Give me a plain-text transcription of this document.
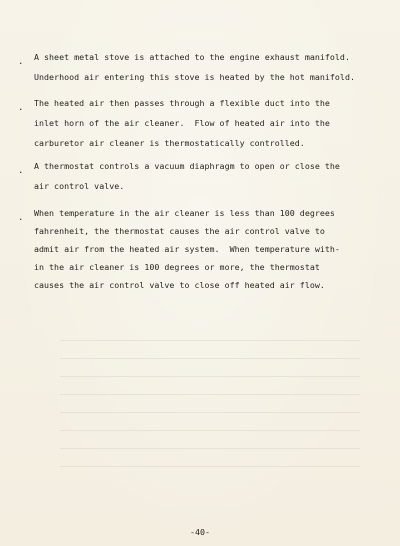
.	A sheet metal stove is attached to the engine exhaust manifold.
Underhood air entering this stove is heated by the hot manifold.
.	The heated air then passes through a flexible duct into the
inlet horn of the air cleaner.  Flow of heated air into the
carburetor air cleaner is thermostatically controlled.
.	A thermostat controls a vacuum diaphragm to open or close the
air control valve.
.	When temperature in the air cleaner is less than 100 degrees
fahrenheit, the thermostat causes the air control valve to
admit air from the heated air system.  When temperature with-
in the air cleaner is 100 degrees or more, the thermostat
causes the air control valve to close off heated air flow.
-40-
